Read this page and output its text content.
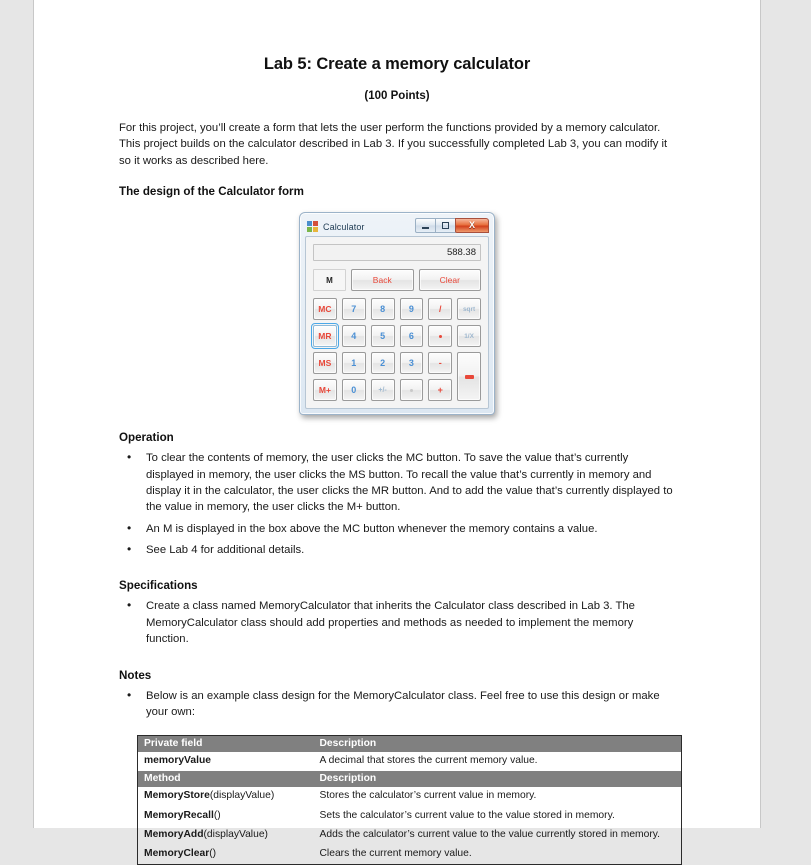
Lab 5: Create a memory calculator
(100 Points)

For this project, you’ll create a form that lets the user perform the functions provided by a memory calculator. This project builds on the calculator described in Lab 3. If you successfully completed Lab 3, you can modify it so it works as described here.

The design of the Calculator form
Calculator	X
588.38
M	Back	Clear
MC	7	8	9	/	sqrt
MR	4	5	6	1/X
MS	1	2	3	-
M+	0	+/-	+
Operation
• To clear the contents of memory, the user clicks the MC button. To save the value that’s currently displayed in memory, the user clicks the MS button. To recall the value that’s currently in memory and display it in the calculator, the user clicks the MR button. And to add the value that’s currently displayed to the value in memory, the user clicks the M+ button.
• An M is displayed in the box above the MC button whenever the memory contains a value.
• See Lab 4 for additional details.
Specifications
• Create a class named MemoryCalculator that inherits the Calculator class described in Lab 3. The MemoryCalculator class should add properties and methods as needed to implement the memory function.
Notes
• Below is an example class design for the MemoryCalculator class. Feel free to use this design or make your own:
Private field	Description
memoryValue	A decimal that stores the current memory value.
Method	Description
MemoryStore(displayValue)	Stores the calculator’s current value in memory.
MemoryRecall()	Sets the calculator’s current value to the value stored in memory.
MemoryAdd(displayValue)	Adds the calculator’s current value to the value currently stored in memory.
MemoryClear()	Clears the current memory value.
